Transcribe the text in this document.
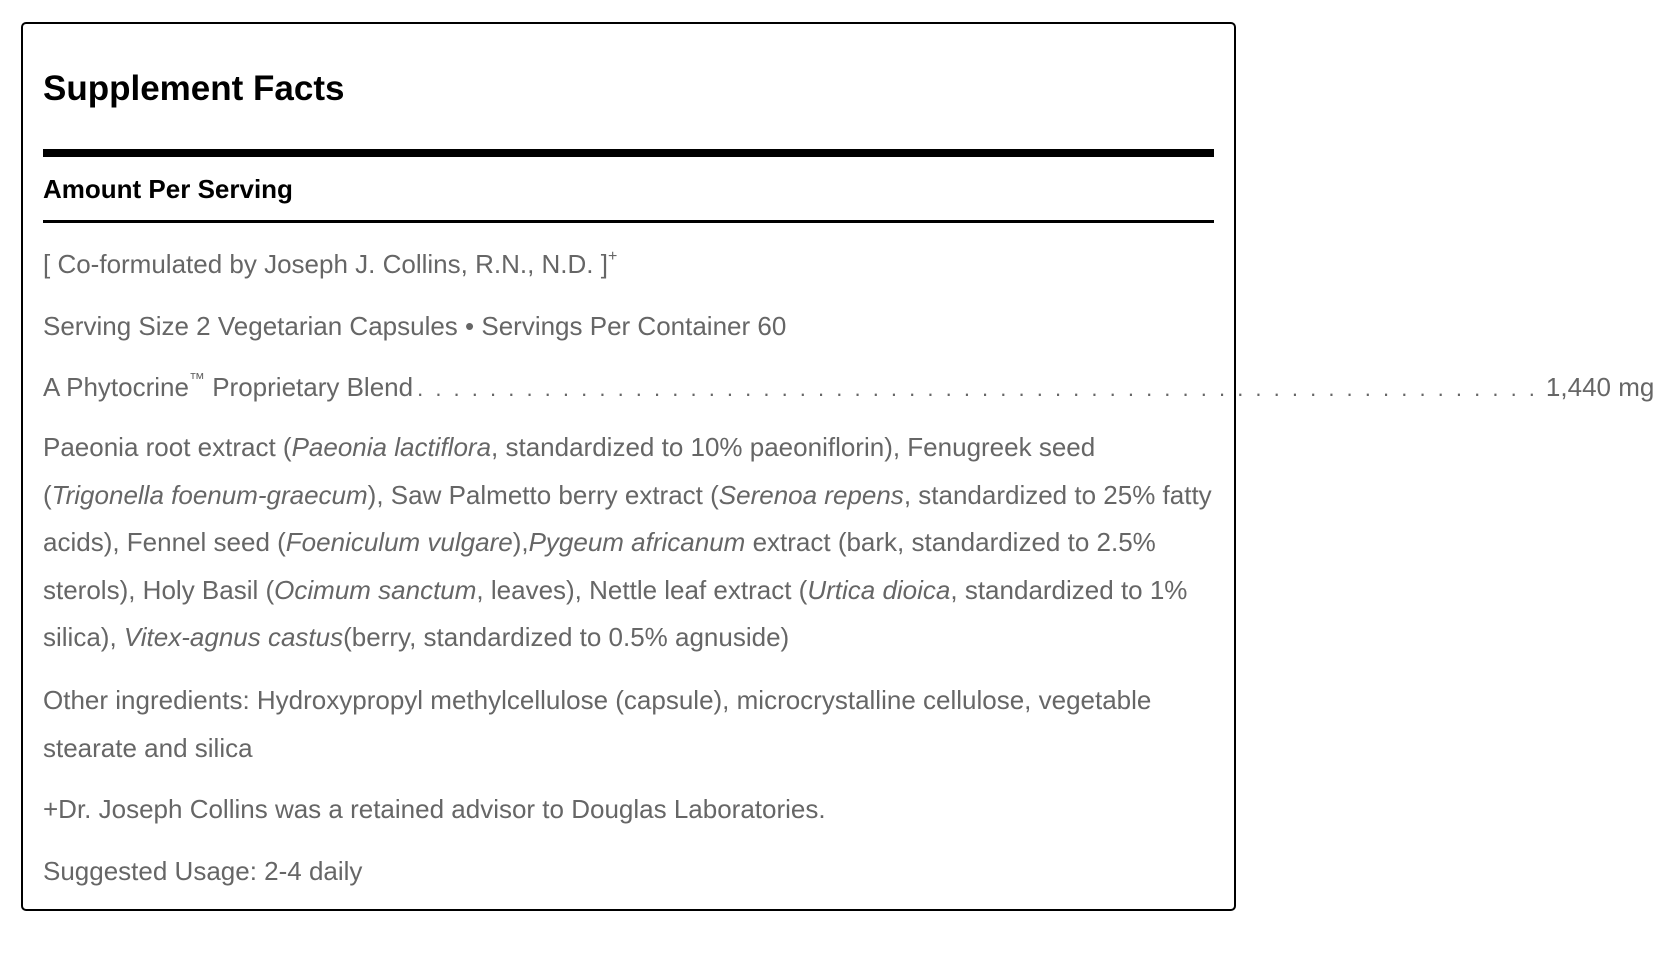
Supplement Facts
Amount Per Serving
[ Co-formulated by Joseph J. Collins, R.N., N.D. ]+
Serving Size 2 Vegetarian Capsules • Servings Per Container 60
A Phytocrine™ Proprietary Blend . . . . . . . . . . . . . . . . . . . . . . . . . . . . . . . . . . . . . . . . . . . . . . . . . . . . . . . . . . . . . . 1,440 mg
Paeonia root extract (Paeonia lactiflora, standardized to 10% paeoniflorin), Fenugreek seed (Trigonella foenum-graecum), Saw Palmetto berry extract (Serenoa repens, standardized to 25% fatty acids), Fennel seed (Foeniculum vulgare),Pygeum africanum extract (bark, standardized to 2.5% sterols), Holy Basil (Ocimum sanctum, leaves), Nettle leaf extract (Urtica dioica, standardized to 1% silica), Vitex-agnus castus(berry, standardized to 0.5% agnuside)
Other ingredients: Hydroxypropyl methylcellulose (capsule), microcrystalline cellulose, vegetable stearate and silica
+Dr. Joseph Collins was a retained advisor to Douglas Laboratories.
Suggested Usage: 2-4 daily
